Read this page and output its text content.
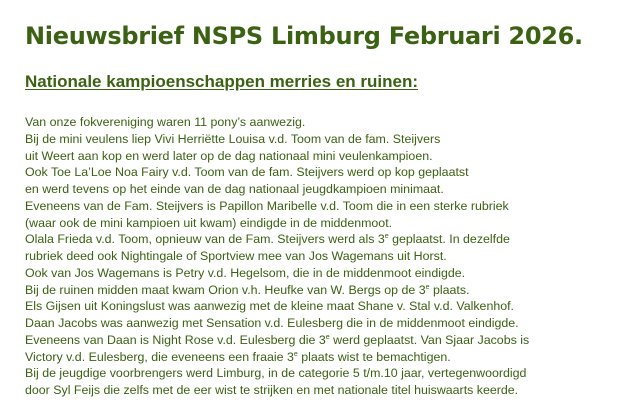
Nieuwsbrief NSPS Limburg Februari 2026.
Nationale kampioenschappen merries en ruinen:
Van onze fokvereniging waren 11 pony’s aanwezig.
Bij de mini veulens liep Vivi Herriëtte Louisa v.d. Toom van de fam. Steijvers
uit Weert aan kop en werd later op de dag nationaal mini veulenkampioen.
Ook Toe La’Loe Noa Fairy v.d. Toom van de fam. Steijvers werd op kop geplaatst
en werd tevens op het einde van de dag nationaal jeugdkampioen minimaat.
Eveneens van de Fam. Steijvers is Papillon Maribelle v.d. Toom die in een sterke rubriek
(waar ook de mini kampioen uit kwam) eindigde in de middenmoot.
Olala Frieda v.d. Toom, opnieuw van de Fam. Steijvers werd als 3e geplaatst. In dezelfde
rubriek deed ook Nightingale of Sportview mee van Jos Wagemans uit Horst.
Ook van Jos Wagemans is Petry v.d. Hegelsom, die in de middenmoot eindigde.
Bij de ruinen midden maat kwam Orion v.h. Heufke van W. Bergs op de 3e plaats.
Els Gijsen uit Koningslust was aanwezig met de kleine maat Shane v. Stal v.d. Valkenhof.
Daan Jacobs was aanwezig met Sensation v.d. Eulesberg die in de middenmoot eindigde.
Eveneens van Daan is Night Rose v.d. Eulesberg die 3e werd geplaatst. Van Sjaar Jacobs is
Victory v.d. Eulesberg, die eveneens een fraaie 3e plaats wist te bemachtigen.
Bij de jeugdige voorbrengers werd Limburg, in de categorie 5 t/m.10 jaar, vertegenwoordigd
door Syl Feijs die zelfs met de eer wist te strijken en met nationale titel huiswaarts keerde.
